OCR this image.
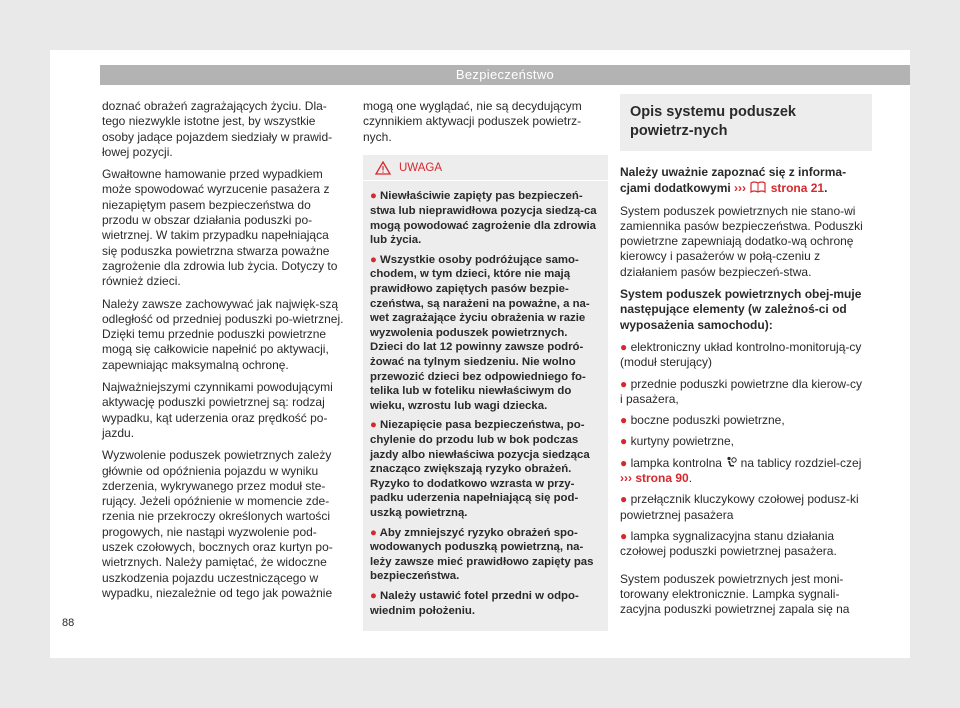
Bezpieczeństwo

doznać obrażeń zagrażających życiu. Dla-tego niezwykle istotne jest, by wszystkie osoby jadące pojazdem siedziały w prawid-łowej pozycji.

Gwałtowne hamowanie przed wypadkiem może spowodować wyrzucenie pasażera z niezapiętym pasem bezpieczeństwa do przodu w obszar działania poduszki po-wietrznej. W takim przypadku napełniająca się poduszka powietrzna stwarza poważne zagrożenie dla zdrowia lub życia. Dotyczy to również dzieci.

Należy zawsze zachowywać jak najwięk-szą odległość od przedniej poduszki po-wietrznej. Dzięki temu przednie poduszki powietrzne mogą się całkowicie napełnić po aktywacji, zapewniając maksymalną ochronę.

Najważniejszymi czynnikami powodującymi aktywację poduszki powietrznej są: rodzaj wypadku, kąt uderzenia oraz prędkość po-jazdu.

Wyzwolenie poduszek powietrznych zależy głównie od opóźnienia pojazdu w wyniku zderzenia, wykrywanego przez moduł ste-rujący. Jeżeli opóźnienie w momencie zde-rzenia nie przekroczy określonych wartości progowych, nie nastąpi wyzwolenie pod-uszek czołowych, bocznych oraz kurtyn po-wietrznych. Należy pamiętać, że widoczne uszkodzenia pojazdu uczestniczącego w wypadku, niezależnie od tego jak poważnie

mogą one wyglądać, nie są decydującym czynnikiem aktywacji poduszek powietrz-nych.

UWAGA
● Niewłaściwie zapięty pas bezpieczeń-stwa lub nieprawidłowa pozycja siedzą-ca mogą powodować zagrożenie dla zdrowia lub życia.
● Wszystkie osoby podróżujące samo-chodem, w tym dzieci, które nie mają prawidłowo zapiętych pasów bezpie-czeństwa, są narażeni na poważne, a na-wet zagrażające życiu obrażenia w razie wyzwolenia poduszek powietrznych. Dzieci do lat 12 powinny zawsze podró-żować na tylnym siedzeniu. Nie wolno przewozić dzieci bez odpowiedniego fo-telika lub w foteliku niewłaściwym do wieku, wzrostu lub wagi dziecka.
● Niezapięcie pasa bezpieczeństwa, po-chylenie do przodu lub w bok podczas jazdy albo niewłaściwa pozycja siedząca znacząco zwiększają ryzyko obrażeń. Ryzyko to dodatkowo wzrasta w przy-padku uderzenia napełniającą się pod-uszką powietrzną.
● Aby zmniejszyć ryzyko obrażeń spo-wodowanych poduszką powietrzną, na-leży zawsze mieć prawidłowo zapięty pas bezpieczeństwa.
● Należy ustawić fotel przedni w odpo-wiednim położeniu.
Opis systemu poduszek powietrz-nych

Należy uważnie zapoznać się z informa-cjami dodatkowymi ››› strona 21.

System poduszek powietrznych nie stano-wi zamiennika pasów bezpieczeństwa. Poduszki powietrzne zapewniają dodatko-wą ochronę kierowcy i pasażerów w połą-czeniu z działaniem pasów bezpieczeń-stwa.

System poduszek powietrznych obej-muje następujące elementy (w zależnoś-ci od wyposażenia samochodu):

● elektroniczny układ kontrolno-monitorują-cy (moduł sterujący)
● przednie poduszki powietrzne dla kierow-cy i pasażera,
● boczne poduszki powietrzne,
● kurtyny powietrzne,
● lampka kontrolna na tablicy rozdziel-czej ››› strona 90.
● przełącznik kluczykowy czołowej podusz-ki powietrznej pasażera
● lampka sygnalizacyjna stanu działania czołowej poduszki powietrznej pasażera.

System poduszek powietrznych jest moni-torowany elektronicznie. Lampka sygnali-zacyjna poduszki powietrznej zapala się na

88
